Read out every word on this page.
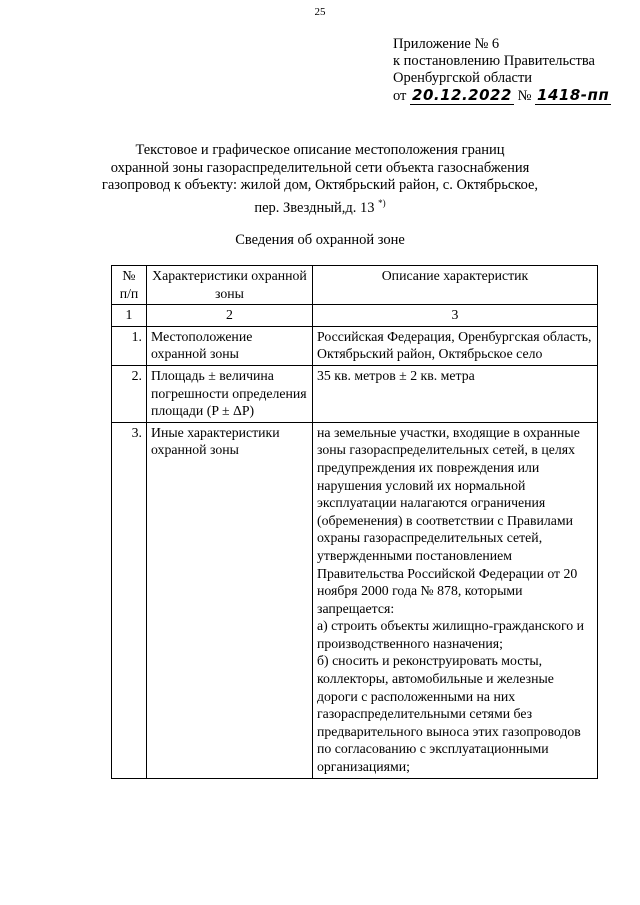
25
Приложение № 6
к постановлению Правительства
Оренбургской области
от 20.12.2022 № 1418-пп
Текстовое и графическое описание местоположения границ
охранной зоны газораспределительной сети объекта газоснабжения
газопровод к объекту: жилой дом, Октябрьский район, с. Октябрьское,
пер. Звездный,д. 13 *)
Сведения об охранной зоне
№ п/п	Характеристики охранной зоны	Описание характеристик
1	2	3
1.	Местоположение охранной зоны	Российская Федерация, Оренбургская область, Октябрьский район, Октябрьское село
2.	Площадь ± величина погрешности определения площади (P ± ΔP)	35 кв. метров ± 2 кв. метра
3.	Иные характеристики охранной зоны	на земельные участки, входящие в охранные зоны газораспределительных сетей, в целях предупреждения их повреждения или нарушения условий их нормальной эксплуатации налагаются ограничения (обременения) в соответствии с Правилами охраны газораспределительных сетей, утвержденными постановлением Правительства Российской Федерации от 20 ноября 2000 года № 878, которыми запрещается:
а) строить объекты жилищно-гражданского и производственного назначения;
б) сносить и реконструировать мосты, коллекторы, автомобильные и железные дороги с расположенными на них газораспределительными сетями без предварительного выноса этих газопроводов по согласованию с эксплуатационными организациями;
